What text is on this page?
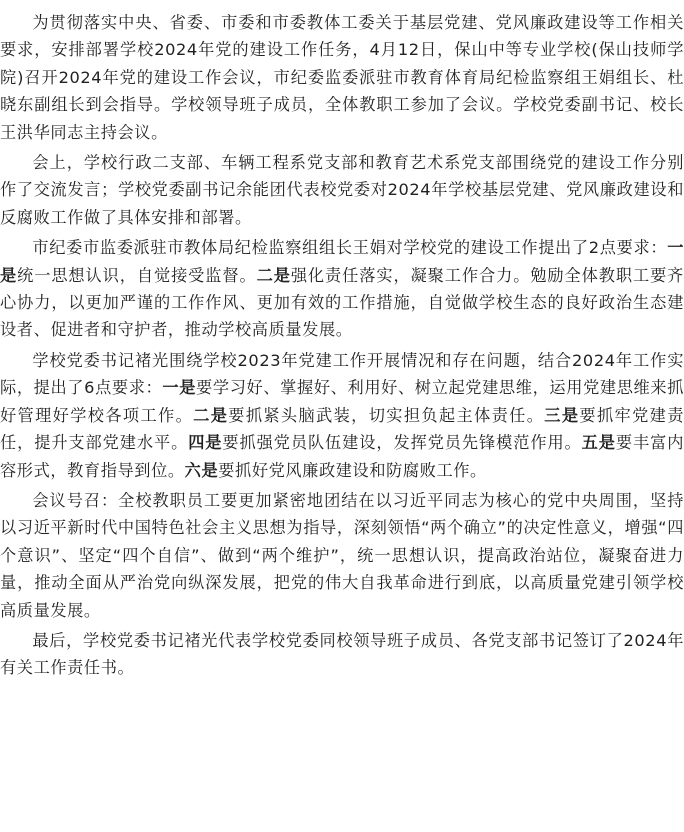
为贯彻落实中央、省委、市委和市委教体工委关于基层党建、党风廉政建设等工作相关要求，安排部署学校2024年党的建设工作任务，4月12日，保山中等专业学校(保山技师学院)召开2024年党的建设工作会议，市纪委监委派驻市教育体育局纪检监察组王娟组长、杜晓东副组长到会指导。学校领导班子成员，全体教职工参加了会议。学校党委副书记、校长王洪华同志主持会议。

会上，学校行政二支部、车辆工程系党支部和教育艺术系党支部围绕党的建设工作分别作了交流发言；学校党委副书记余能团代表校党委对2024年学校基层党建、党风廉政建设和反腐败工作做了具体安排和部署。

市纪委市监委派驻市教体局纪检监察组组长王娟对学校党的建设工作提出了2点要求：一是统一思想认识，自觉接受监督。二是强化责任落实，凝聚工作合力。勉励全体教职工要齐心协力，以更加严谨的工作作风、更加有效的工作措施，自觉做学校生态的良好政治生态建设者、促进者和守护者，推动学校高质量发展。

学校党委书记褚光围绕学校2023年党建工作开展情况和存在问题，结合2024年工作实际，提出了6点要求：一是要学习好、掌握好、利用好、树立起党建思维，运用党建思维来抓好管理好学校各项工作。二是要抓紧头脑武装，切实担负起主体责任。三是要抓牢党建责任，提升支部党建水平。四是要抓强党员队伍建设，发挥党员先锋模范作用。五是要丰富内容形式，教育指导到位。六是要抓好党风廉政建设和防腐败工作。

会议号召：全校教职员工要更加紧密地团结在以习近平同志为核心的党中央周围，坚持以习近平新时代中国特色社会主义思想为指导，深刻领悟“两个确立”的决定性意义，增强“四个意识”、坚定“四个自信”、做到“两个维护”，统一思想认识，提高政治站位，凝聚奋进力量，推动全面从严治党向纵深发展，把党的伟大自我革命进行到底，以高质量党建引领学校高质量发展。

最后，学校党委书记褚光代表学校党委同校领导班子成员、各党支部书记签订了2024年有关工作责任书。
